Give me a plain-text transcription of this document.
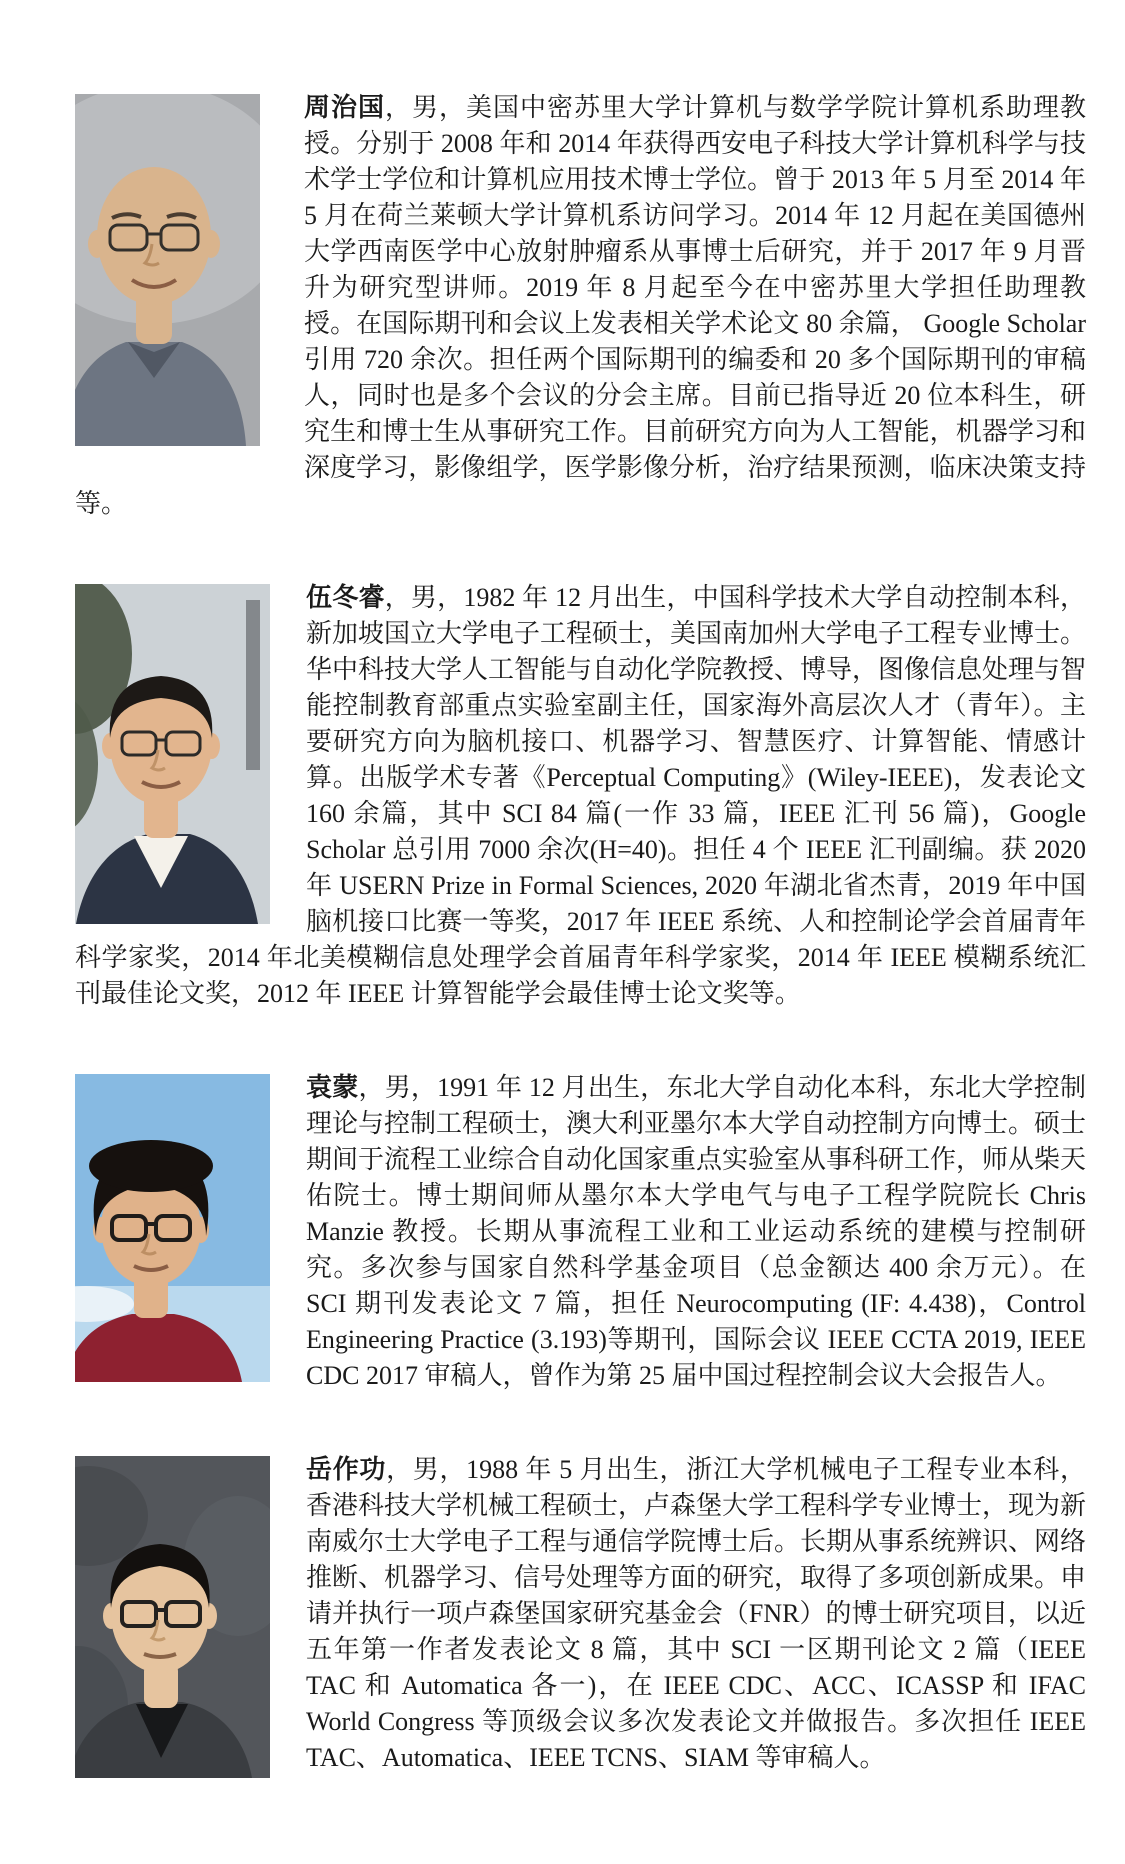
周治国，男，美国中密苏里大学计算机与数学学院计算机系助理教授。分别于 2008 年和 2014 年获得西安电子科技大学计算机科学与技术学士学位和计算机应用技术博士学位。曾于 2013 年 5 月至 2014 年 5 月在荷兰莱顿大学计算机系访问学习。2014 年 12 月起在美国德州大学西南医学中心放射肿瘤系从事博士后研究，并于 2017 年 9 月晋升为研究型讲师。2019 年 8 月起至今在中密苏里大学担任助理教授。在国际期刊和会议上发表相关学术论文 80 余篇， Google Scholar 引用 720 余次。担任两个国际期刊的编委和 20 多个国际期刊的审稿人，同时也是多个会议的分会主席。目前已指导近 20 位本科生，研究生和博士生从事研究工作。目前研究方向为人工智能，机器学习和深度学习，影像组学，医学影像分析，治疗结果预测，临床决策支持等。

伍冬睿，男，1982 年 12 月出生，中国科学技术大学自动控制本科，新加坡国立大学电子工程硕士，美国南加州大学电子工程专业博士。华中科技大学人工智能与自动化学院教授、博导，图像信息处理与智能控制教育部重点实验室副主任，国家海外高层次人才（青年）。主要研究方向为脑机接口、机器学习、智慧医疗、计算智能、情感计算。出版学术专著《Perceptual Computing》(Wiley-IEEE)，发表论文 160 余篇，其中 SCI 84 篇(一作 33 篇，IEEE 汇刊 56 篇)，Google Scholar 总引用 7000 余次(H=40)。担任 4 个 IEEE 汇刊副编。获 2020 年 USERN Prize in Formal Sciences, 2020 年湖北省杰青，2019 年中国脑机接口比赛一等奖，2017 年 IEEE 系统、人和控制论学会首届青年科学家奖，2014 年北美模糊信息处理学会首届青年科学家奖，2014 年 IEEE 模糊系统汇刊最佳论文奖，2012 年 IEEE 计算智能学会最佳博士论文奖等。

袁蒙，男，1991 年 12 月出生，东北大学自动化本科，东北大学控制理论与控制工程硕士，澳大利亚墨尔本大学自动控制方向博士。硕士期间于流程工业综合自动化国家重点实验室从事科研工作，师从柴天佑院士。博士期间师从墨尔本大学电气与电子工程学院院长 Chris Manzie 教授。长期从事流程工业和工业运动系统的建模与控制研究。多次参与国家自然科学基金项目（总金额达 400 余万元）。在 SCI 期刊发表论文 7 篇，担任 Neurocomputing (IF: 4.438)，Control Engineering Practice (3.193)等期刊，国际会议 IEEE CCTA 2019, IEEE CDC 2017 审稿人，曾作为第 25 届中国过程控制会议大会报告人。

岳作功，男，1988 年 5 月出生，浙江大学机械电子工程专业本科，香港科技大学机械工程硕士，卢森堡大学工程科学专业博士，现为新南威尔士大学电子工程与通信学院博士后。长期从事系统辨识、网络推断、机器学习、信号处理等方面的研究，取得了多项创新成果。申请并执行一项卢森堡国家研究基金会（FNR）的博士研究项目，以近五年第一作者发表论文 8 篇，其中 SCI 一区期刊论文 2 篇（IEEE TAC 和 Automatica 各一)，在 IEEE CDC、ACC、ICASSP 和 IFAC World Congress 等顶级会议多次发表论文并做报告。多次担任 IEEE TAC、Automatica、IEEE TCNS、SIAM 等审稿人。
